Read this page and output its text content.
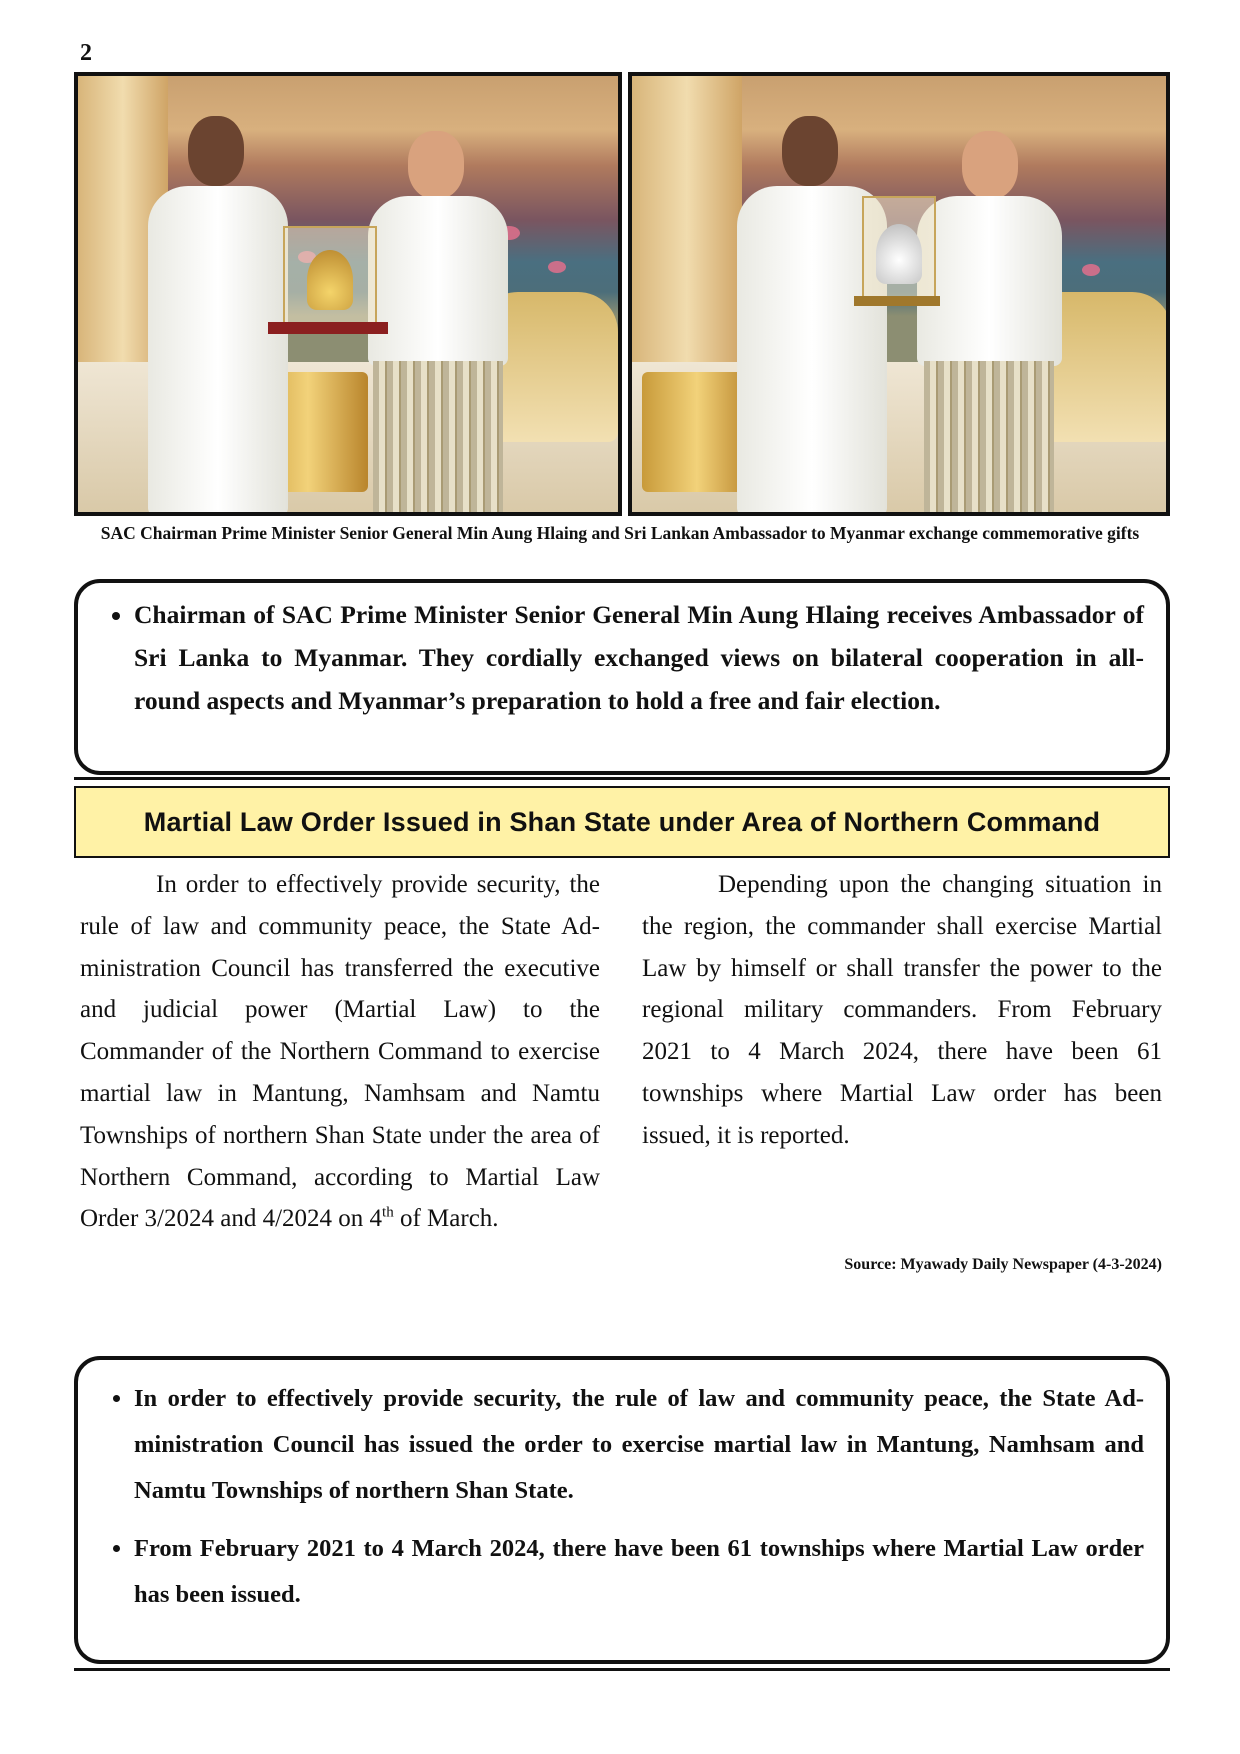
2
SAC Chairman Prime Minister Senior General Min Aung Hlaing and Sri Lankan Ambassador to Myanmar exchange commemorative gifts
• Chairman of SAC Prime Minister Senior General Min Aung Hlaing receives Ambassador of Sri Lanka to Myanmar. They cordially exchanged views on bilateral cooperation in all-round aspects and Myanmar’s preparation to hold a free and fair election.
Martial Law Order Issued in Shan State under Area of Northern Command

In order to effectively provide security, the rule of law and community peace, the State Ad-ministration Council has transferred the executive and judicial power (Martial Law) to the Commander of the Northern Command to exercise martial law in Mantung, Namhsam and Namtu Townships of northern Shan State under the area of Northern Command, according to Martial Law Order 3/2024 and 4/2024 on 4th of March.

Depending upon the changing situation in the region, the commander shall exercise Martial Law by himself or shall transfer the power to the regional military commanders. From February 2021 to 4 March 2024, there have been 61 townships where Martial Law order has been issued, it is reported.

Source: Myawady Daily Newspaper (4-3-2024)
• In order to effectively provide security, the rule of law and community peace, the State Ad-ministration Council has issued the order to exercise martial law in Mantung, Namhsam and Namtu Townships of northern Shan State.
• From February 2021 to 4 March 2024, there have been 61 townships where Martial Law order has been issued.
